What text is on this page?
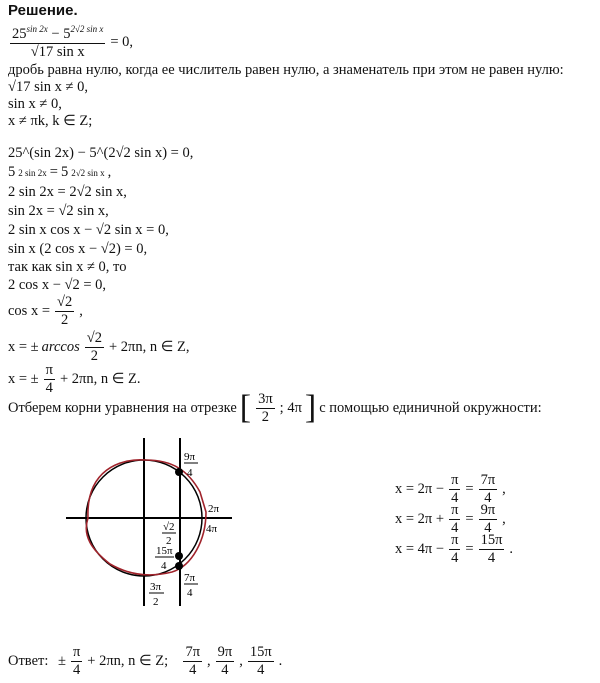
Решение.
$\frac{25^{sin 2x} - 5^{2√2 sin x}}{\text{√17 sin x}} = 0$,
дробь равна нулю, когда ее числитель равен нулю, а знаменатель при этом не равен нулю:
√17 sin x ≠ 0,
sin x ≠ 0,
x ≠ πk, k ∈ Z;
25^(sin 2x) − 5^(2√2 sin x) = 0,
5 2 sin 2x = 5 2√2 sin x ,
2 sin 2x = 2√2 sin x,
sin 2x = √2 sin x,
2 sin x cos x − √2 sin x = 0,
sin x (2 cos x − √2) = 0,
так как sin x ≠ 0, то
2 cos x − √2 = 0,
$\cos x = \frac{√2}{2}$ ,
x = ± arccos
√2
2
+ 2πn, n ∈ Z,
x = ± $\frac{\pi}{4} + 2\pi n$, n ∈ Z.
Отберем корни уравнения на отрезке [ 3π
2
; 4π ] с помощью единичной окружности:
9π
4
2π
4π
√2
2
15π
4
7π
4
3π
2
$x = 2\pi - \frac{\pi}{4} = \frac{7\pi}{4}$ ,
$x = 2\pi + \frac{\pi}{4} = \frac{9\pi}{4}$ ,
$x = 4\pi - \frac{\pi}{4} = \frac{15\pi}{4}$ .
Ответ:
± $\frac{\pi}{4} + 2\pi n$, n ∈ Z;

7π
4
,
9π
4
,
15π
4
.
